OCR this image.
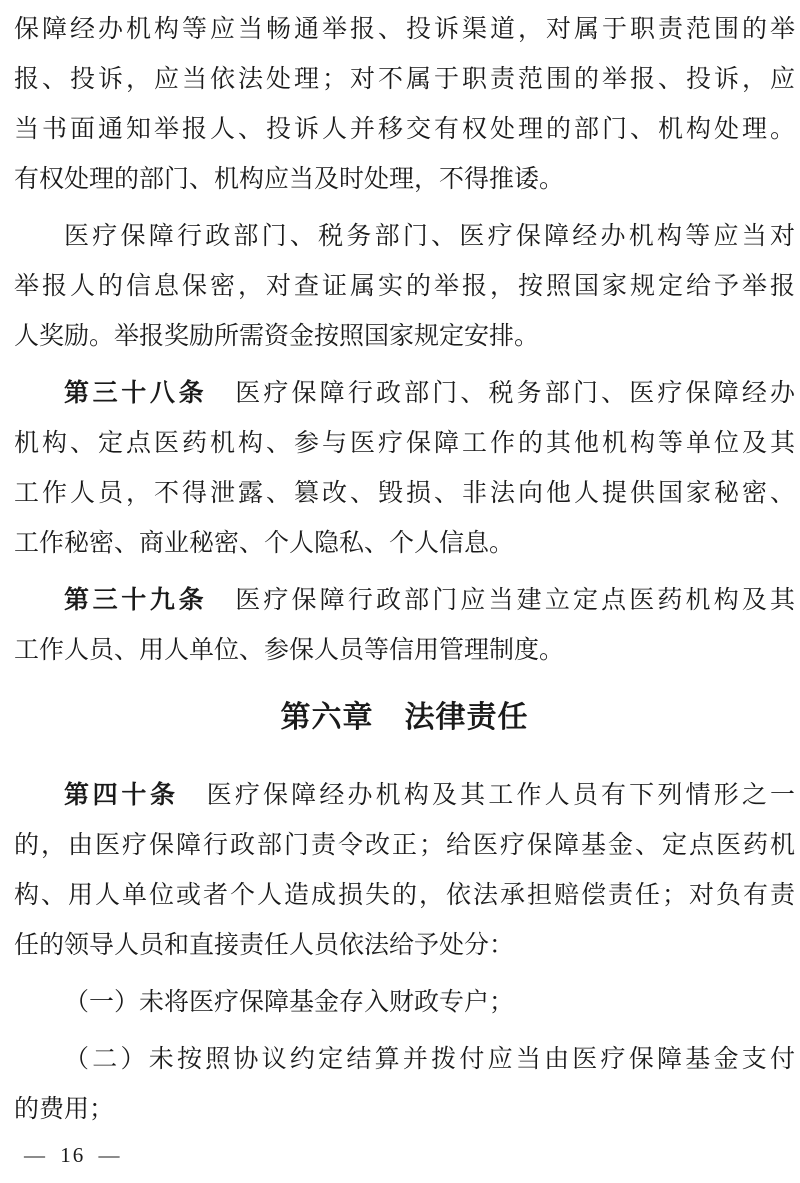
保障经办机构等应当畅通举报、投诉渠道，对属于职责范围的举
报、投诉，应当依法处理；对不属于职责范围的举报、投诉，应
当书面通知举报人、投诉人并移交有权处理的部门、机构处理。
有权处理的部门、机构应当及时处理，不得推诿。
医疗保障行政部门、税务部门、医疗保障经办机构等应当对
举报人的信息保密，对查证属实的举报，按照国家规定给予举报
人奖励。举报奖励所需资金按照国家规定安排。
第三十八条 医疗保障行政部门、税务部门、医疗保障经办
机构、定点医药机构、参与医疗保障工作的其他机构等单位及其
工作人员，不得泄露、篡改、毁损、非法向他人提供国家秘密、
工作秘密、商业秘密、个人隐私、个人信息。
第三十九条 医疗保障行政部门应当建立定点医药机构及其
工作人员、用人单位、参保人员等信用管理制度。
第六章　法律责任
第四十条 医疗保障经办机构及其工作人员有下列情形之一
的，由医疗保障行政部门责令改正；给医疗保障基金、定点医药机
构、用人单位或者个人造成损失的，依法承担赔偿责任；对负有责
任的领导人员和直接责任人员依法给予处分：
（一）未将医疗保障基金存入财政专户；
（二）未按照协议约定结算并拨付应当由医疗保障基金支付
的费用；
— 16 —
